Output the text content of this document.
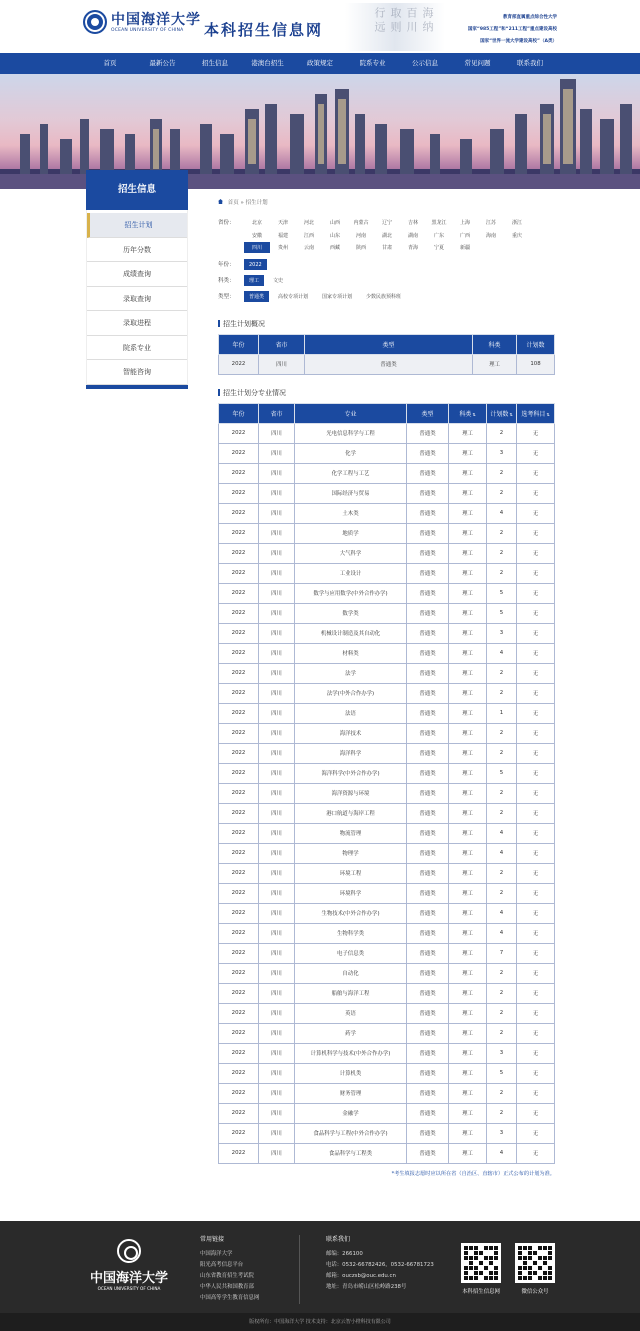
中国海洋大学
OCEAN UNIVERSITY OF CHINA	本科招生信息网	海纳百川 取则行远	教育部直属重点综合性大学
国家“985工程”和“211工程”重点建设高校
国家“世界一流大学建设高校”（A类）
首页	最新公告	招生信息	港澳台招生	政策规定	院系专业	公示信息	常见问题	联系我们
招生信息
招生计划
历年分数
成绩查询
录取查询
录取进程
院系专业
智能咨询
首页 » 招生计划
省份：	北京	天津	河北	山西	内蒙古	辽宁	吉林	黑龙江	上海	江苏	浙江
安徽	福建	江西	山东	河南	湖北	湖南	广东	广西	海南	重庆
四川	贵州	云南	西藏	陕西	甘肃	青海	宁夏	新疆
年份：	2022
科类：	理工	文史
类型：	普通类	高校专项计划	国家专项计划	少数民族预科班
招生计划概况
年份	省市	类型	科类	计划数
2022	四川	普通类	理工	108
招生计划分专业情况
年份	省市	专业	类型	科类⇅	计划数⇅	选考科目⇅
2022	四川	光电信息科学与工程	普通类	理工	2	无
2022	四川	化学	普通类	理工	3	无
2022	四川	化学工程与工艺	普通类	理工	2	无
2022	四川	国际经济与贸易	普通类	理工	2	无
2022	四川	土木类	普通类	理工	4	无
2022	四川	地质学	普通类	理工	2	无
2022	四川	大气科学	普通类	理工	2	无
2022	四川	工业设计	普通类	理工	2	无
2022	四川	数学与应用数学(中外合作办学)	普通类	理工	5	无
2022	四川	数学类	普通类	理工	5	无
2022	四川	机械设计制造及其自动化	普通类	理工	3	无
2022	四川	材料类	普通类	理工	4	无
2022	四川	法学	普通类	理工	2	无
2022	四川	法学(中外合作办学)	普通类	理工	2	无
2022	四川	法语	普通类	理工	1	无
2022	四川	海洋技术	普通类	理工	2	无
2022	四川	海洋科学	普通类	理工	2	无
2022	四川	海洋科学(中外合作办学)	普通类	理工	5	无
2022	四川	海洋资源与环境	普通类	理工	2	无
2022	四川	港口航道与海岸工程	普通类	理工	2	无
2022	四川	物流管理	普通类	理工	4	无
2022	四川	物理学	普通类	理工	4	无
2022	四川	环境工程	普通类	理工	2	无
2022	四川	环境科学	普通类	理工	2	无
2022	四川	生物技术(中外合作办学)	普通类	理工	4	无
2022	四川	生物科学类	普通类	理工	4	无
2022	四川	电子信息类	普通类	理工	7	无
2022	四川	自动化	普通类	理工	2	无
2022	四川	船舶与海洋工程	普通类	理工	2	无
2022	四川	英语	普通类	理工	2	无
2022	四川	药学	普通类	理工	2	无
2022	四川	计算机科学与技术(中外合作办学)	普通类	理工	3	无
2022	四川	计算机类	普通类	理工	5	无
2022	四川	财务管理	普通类	理工	2	无
2022	四川	金融学	普通类	理工	2	无
2022	四川	食品科学与工程(中外合作办学)	普通类	理工	3	无
2022	四川	食品科学与工程类	普通类	理工	4	无
*考生填报志愿时应以所在省（自治区、直辖市）正式公布的计划为准。
中国海洋大学
OCEAN UNIVERSITY OF CHINA
常用链接
中国海洋大学
阳光高考信息平台
山东省教育招生考试院
中华人民共和国教育部
中国高等学生教育信息网
联系我们
邮编：266100
电话：0532-66782426，0532-66781723
邮箱：ouczsb@ouc.edu.cn
地址：青岛市崂山区松岭路238号
本科招生信息网	微信公众号
版权所有：中国海洋大学 技术支持：北京云智小橙科技有限公司
